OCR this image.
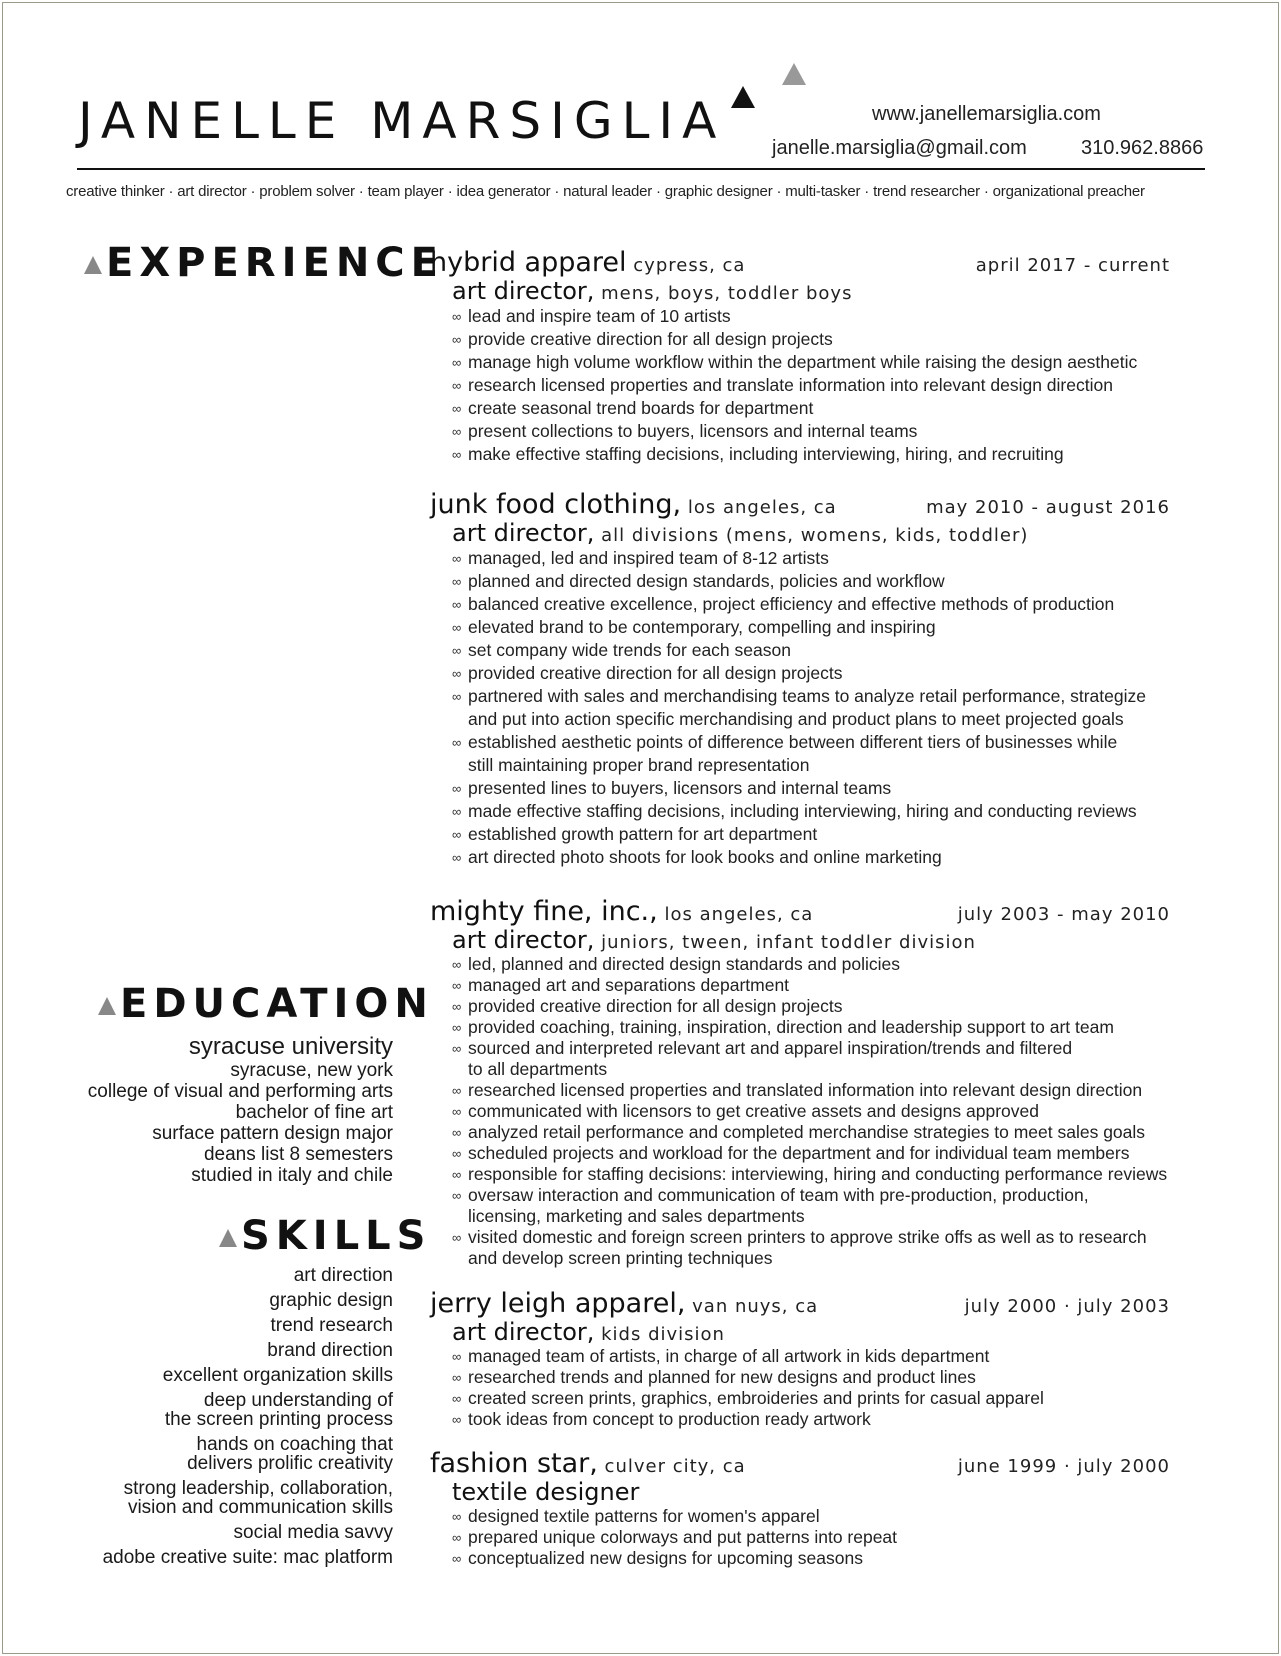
JANELLE MARSIGLIA	www.janellemarsiglia.com
janelle.marsiglia@gmail.com	310.962.8866
creative thinker · art director · problem solver · team player · idea generator · natural leader · graphic designer · multi-tasker · trend researcher · organizational preacher
EXPERIENCE
EDUCATION
SKILLS
syracuse university
syracuse, new york
college of visual and performing arts
bachelor of fine art
surface pattern design major
deans list 8 semesters
studied in italy and chile
art direction
graphic design
trend research
brand direction
excellent organization skills
deep understanding of
the screen printing process
hands on coaching that
delivers prolific creativity
strong leadership, collaboration,
vision and communication skills
social media savvy
adobe creative suite: mac platform
hybrid apparel cypress, ca	april 2017 - current
art director, mens, boys, toddler boys
∞ lead and inspire team of 10 artists
∞ provide creative direction for all design projects
∞ manage high volume workflow within the department while raising the design aesthetic
∞ research licensed properties and translate information into relevant design direction
∞ create seasonal trend boards for department
∞ present collections to buyers, licensors and internal teams
∞ make effective staffing decisions, including interviewing, hiring, and recruiting
junk food clothing, los angeles, ca	may 2010 - august 2016
art director, all divisions (mens, womens, kids, toddler)
∞ managed, led and inspired team of 8-12 artists
∞ planned and directed design standards, policies and workflow
∞ balanced creative excellence, project efficiency and effective methods of production
∞ elevated brand to be contemporary, compelling and inspiring
∞ set company wide trends for each season
∞ provided creative direction for all design projects
∞ partnered with sales and merchandising teams to analyze retail performance, strategize
and put into action specific merchandising and product plans to meet projected goals
∞ established aesthetic points of difference between different tiers of businesses while
still maintaining proper brand representation
∞ presented lines to buyers, licensors and internal teams
∞ made effective staffing decisions, including interviewing, hiring and conducting reviews
∞ established growth pattern for art department
∞ art directed photo shoots for look books and online marketing
mighty fine, inc., los angeles, ca	july 2003 - may 2010
art director, juniors, tween, infant toddler division
∞ led, planned and directed design standards and policies
∞ managed art and separations department
∞ provided creative direction for all design projects
∞ provided coaching, training, inspiration, direction and leadership support to art team
∞ sourced and interpreted relevant art and apparel inspiration/trends and filtered
to all departments
∞ researched licensed properties and translated information into relevant design direction
∞ communicated with licensors to get creative assets and designs approved
∞ analyzed retail performance and completed merchandise strategies to meet sales goals
∞ scheduled projects and workload for the department and for individual team members
∞ responsible for staffing decisions: interviewing, hiring and conducting performance reviews
∞ oversaw interaction and communication of team with pre-production, production,
licensing, marketing and sales departments
∞ visited domestic and foreign screen printers to approve strike offs as well as to research
and develop screen printing techniques
jerry leigh apparel, van nuys, ca	july 2000 · july 2003
art director, kids division
∞ managed team of artists, in charge of all artwork in kids department
∞ researched trends and planned for new designs and product lines
∞ created screen prints, graphics, embroideries and prints for casual apparel
∞ took ideas from concept to production ready artwork
fashion star, culver city, ca	june 1999 · july 2000
textile designer
∞ designed textile patterns for women's apparel
∞ prepared unique colorways and put patterns into repeat
∞ conceptualized new designs for upcoming seasons
